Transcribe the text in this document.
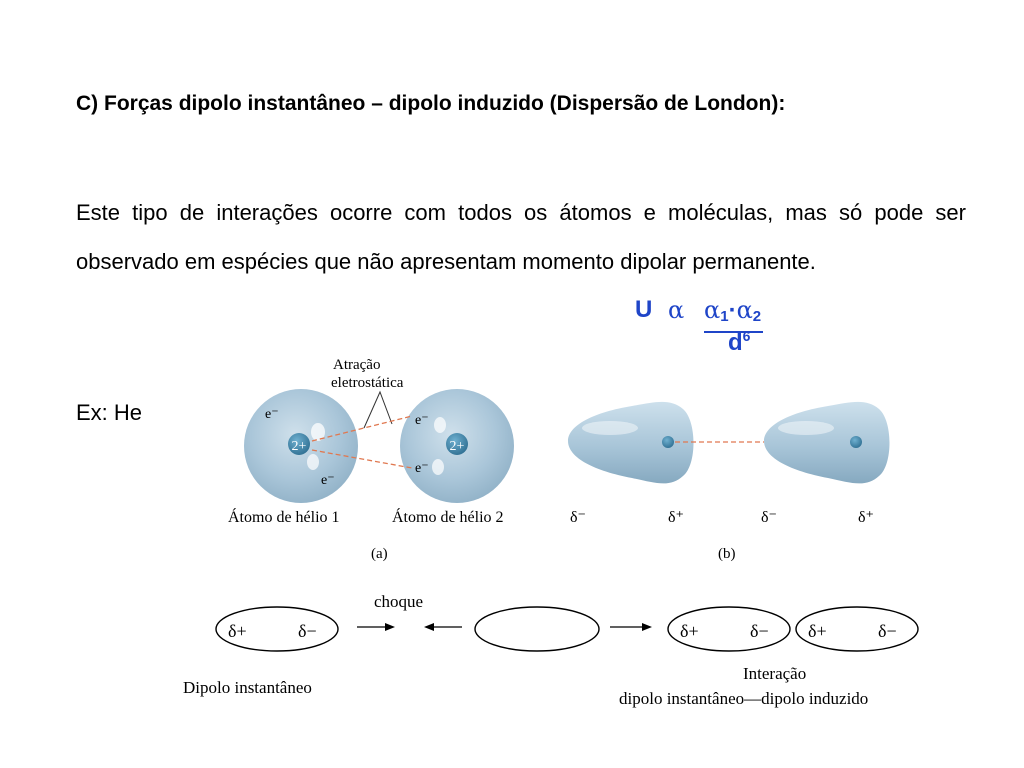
C) Forças dipolo instantâneo – dipolo induzido (Dispersão de London):

Este tipo de interações ocorre com todos os átomos e moléculas, mas só pode ser observado em espécies que não apresentam momento dipolar permanente.

Ex: He

U α $\alpha_1\cdot\alpha_2$
$d^6$
Atração
eletrostática
2+
e⁻
e⁻
2+
e⁻
e⁻
Átomo de hélio 1	Átomo de hélio 2
(a)
δ⁻	δ⁺	δ⁻	δ⁺
(b)
δ+	δ−
choque
δ+	δ− δ+	δ−
Dipolo instantâneo
Interação
dipolo instantâneo—dipolo induzido
